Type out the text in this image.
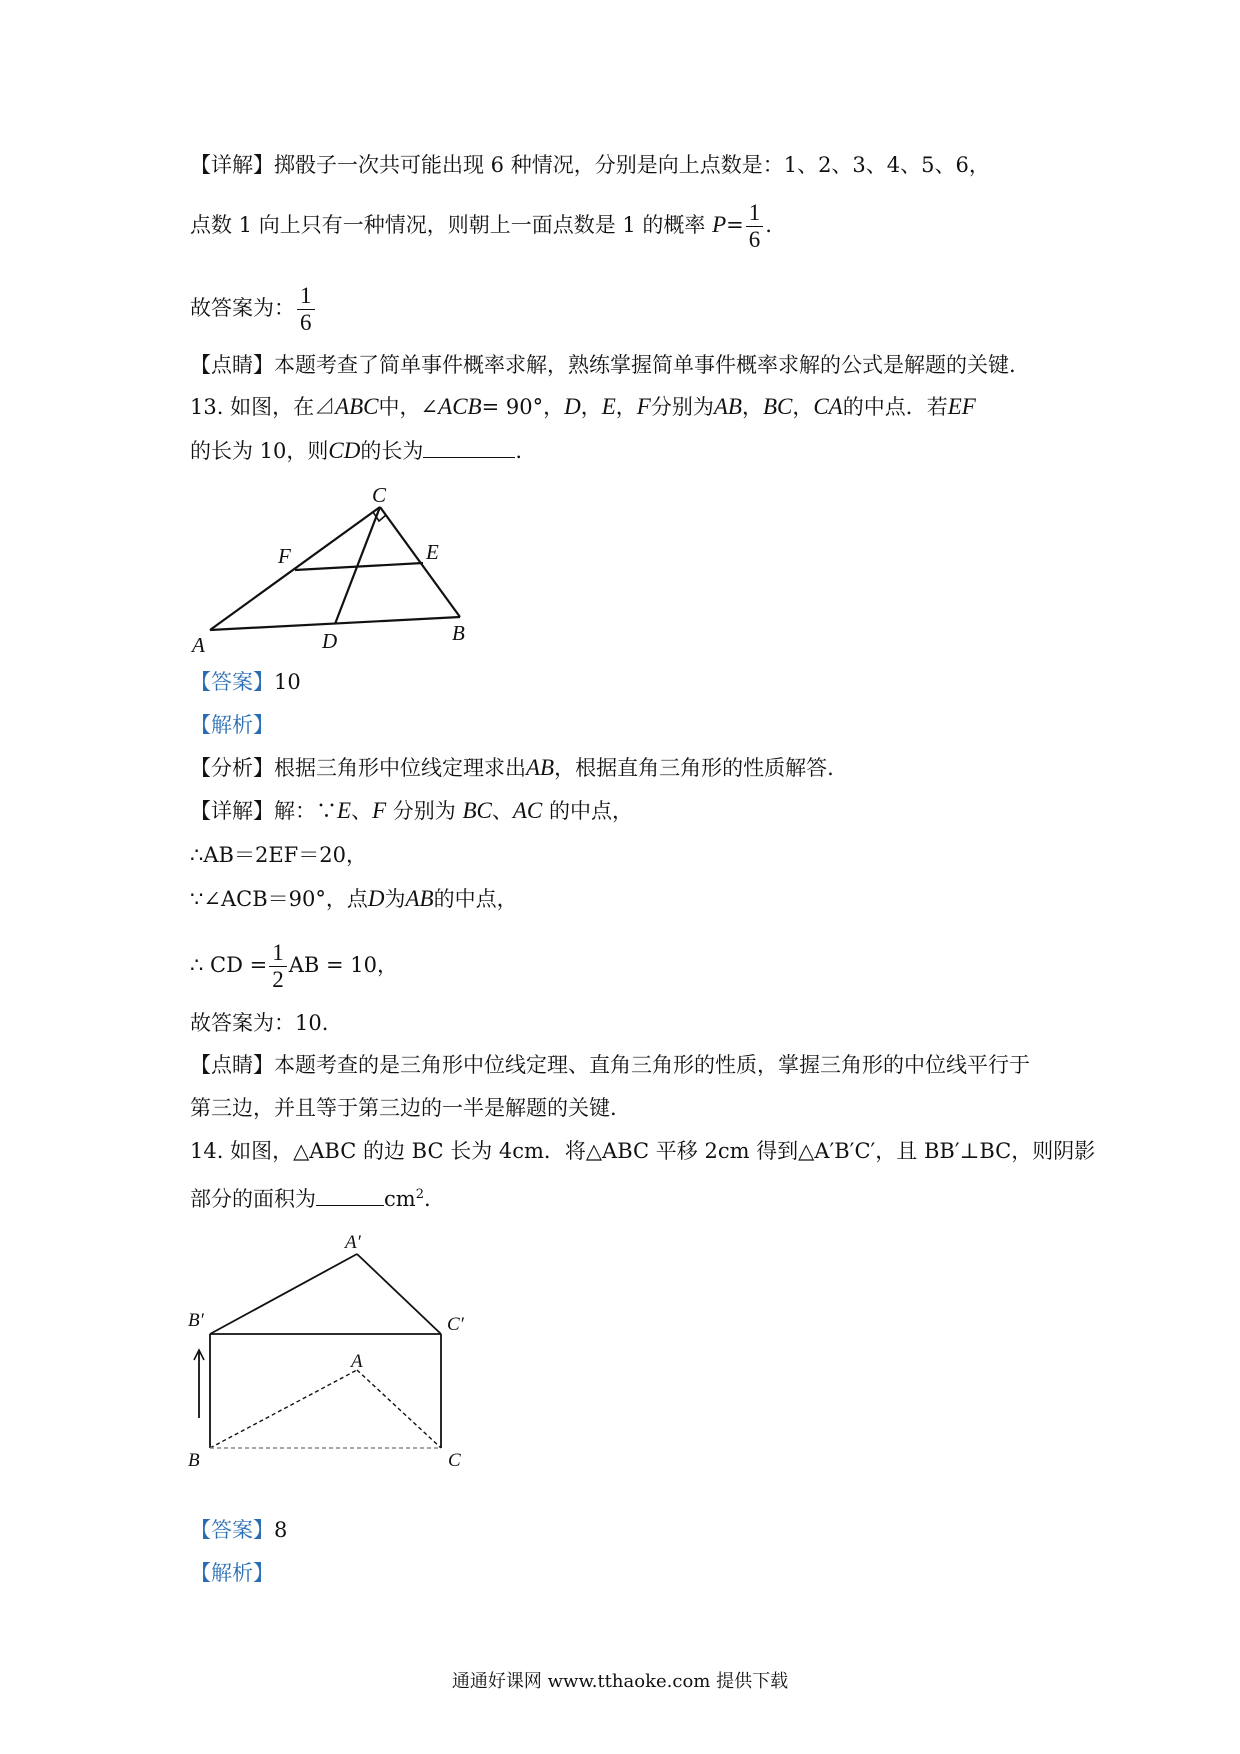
【详解】掷骰子一次共可能出现 6 种情况，分别是向上点数是：1、2、3、4、5、6，
点数 1 向上只有一种情况，则朝上一面点数是 1 的概率 $P= \frac{1}{6}$ .
故答案为： $\frac{1}{6}$
【点睛】本题考查了简单事件概率求解，熟练掌握简单事件概率求解的公式是解题的关键.
13. 如图，在⊿ABC中，∠ACB= 90°，D，E，F分别为AB，BC，CA的中点．若EF
的长为 10，则CD的长为	.
C
F	E
A	D	B
【答案】10
【解析】
【分析】根据三角形中位线定理求出AB，根据直角三角形的性质解答.
【详解】解：∵E、F 分别为 BC、AC 的中点，
∴AB＝2EF＝20，
∵∠ACB＝90°，点D为AB的中点，
∴ CD = $\frac{1}{2}$ AB = 10，
故答案为：10.
【点睛】本题考查的是三角形中位线定理、直角三角形的性质，掌握三角形的中位线平行于
第三边，并且等于第三边的一半是解题的关键.
14. 如图，△ABC 的边 BC 长为 4cm．将△ABC 平移 2cm 得到△A′B′C′，且 BB′⊥BC，则阴影
部分的面积为	$cm^2$.
A′
B′	C′
A
B	C
【答案】8
【解析】
通通好课网 www.tthaoke.com 提供下载
